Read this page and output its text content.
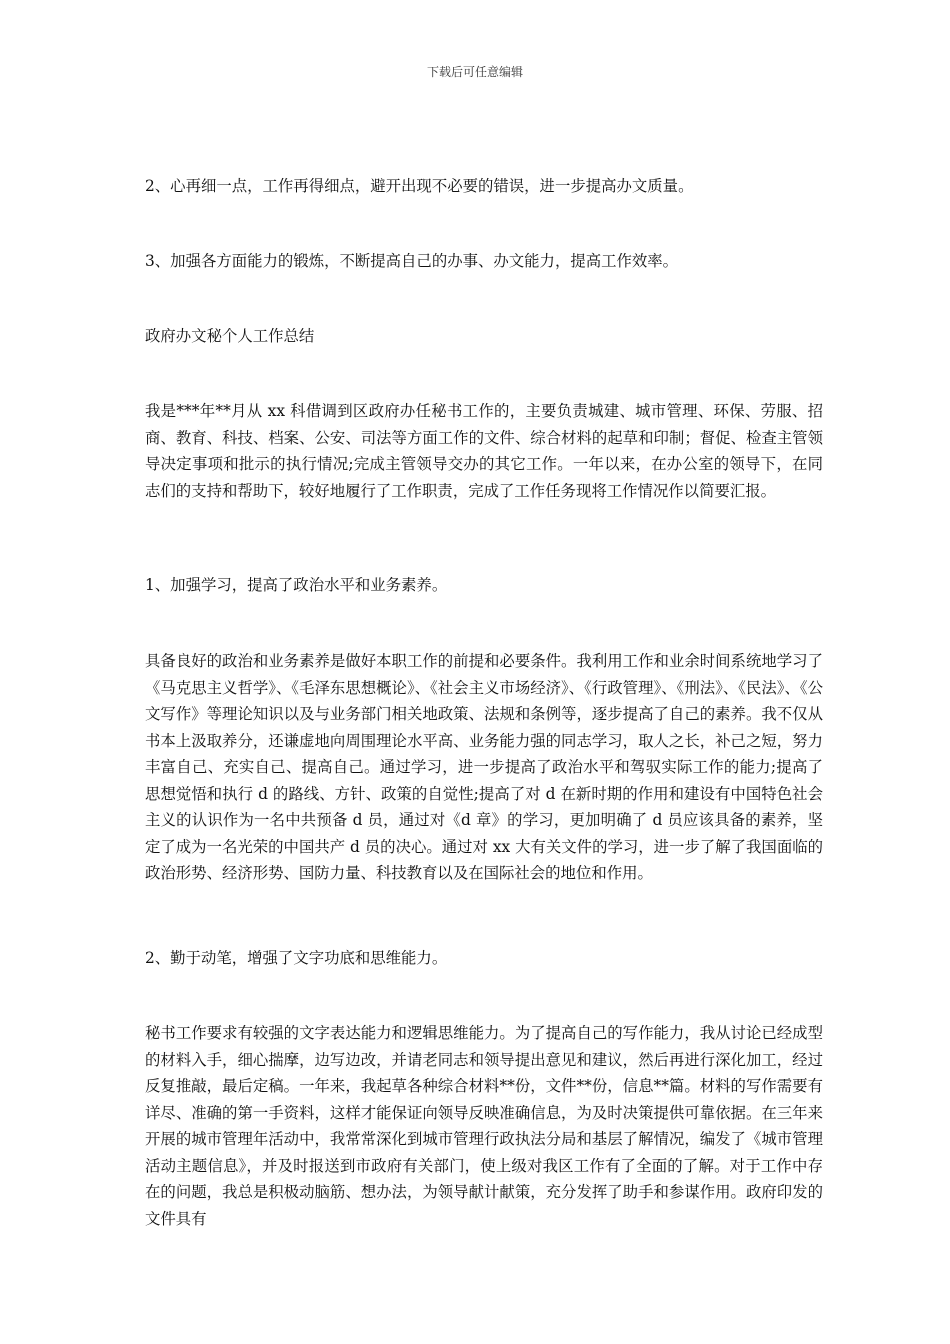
下载后可任意编辑

2、心再细一点，工作再得细点，避开出现不必要的错误，进一步提高办文质量。

3、加强各方面能力的锻炼，不断提高自己的办事、办文能力，提高工作效率。

政府办文秘个人工作总结

我是***年**月从 xx 科借调到区政府办任秘书工作的，主要负责城建、城市管理、环保、劳服、招商、教育、科技、档案、公安、司法等方面工作的文件、综合材料的起草和印制；督促、检查主管领导决定事项和批示的执行情况;完成主管领导交办的其它工作。一年以来，在办公室的领导下，在同志们的支持和帮助下，较好地履行了工作职责，完成了工作任务现将工作情况作以简要汇报。

1、加强学习，提高了政治水平和业务素养。

具备良好的政治和业务素养是做好本职工作的前提和必要条件。我利用工作和业余时间系统地学习了《马克思主义哲学》、《毛泽东思想概论》、《社会主义市场经济》、《行政管理》、《刑法》、《民法》、《公文写作》等理论知识以及与业务部门相关地政策、法规和条例等，逐步提高了自己的素养。我不仅从书本上汲取养分，还谦虚地向周围理论水平高、业务能力强的同志学习，取人之长，补己之短，努力丰富自己、充实自己、提高自己。通过学习，进一步提高了政治水平和驾驭实际工作的能力;提高了思想觉悟和执行 d 的路线、方针、政策的自觉性;提高了对 d 在新时期的作用和建设有中国特色社会主义的认识作为一名中共预备 d 员，通过对《d 章》的学习，更加明确了 d 员应该具备的素养，坚定了成为一名光荣的中国共产 d 员的决心。通过对 xx 大有关文件的学习，进一步了解了我国面临的政治形势、经济形势、国防力量、科技教育以及在国际社会的地位和作用。

2、勤于动笔，增强了文字功底和思维能力。

秘书工作要求有较强的文字表达能力和逻辑思维能力。为了提高自己的写作能力，我从讨论已经成型的材料入手，细心揣摩，边写边改，并请老同志和领导提出意见和建议，然后再进行深化加工，经过反复推敲，最后定稿。一年来，我起草各种综合材料**份，文件**份，信息**篇。材料的写作需要有详尽、准确的第一手资料，这样才能保证向领导反映准确信息，为及时决策提供可靠依据。在三年来开展的城市管理年活动中，我常常深化到城市管理行政执法分局和基层了解情况，编发了《城市管理活动主题信息》，并及时报送到市政府有关部门，使上级对我区工作有了全面的了解。对于工作中存在的问题，我总是积极动脑筋、想办法，为领导献计献策，充分发挥了助手和参谋作用。政府印发的文件具有
